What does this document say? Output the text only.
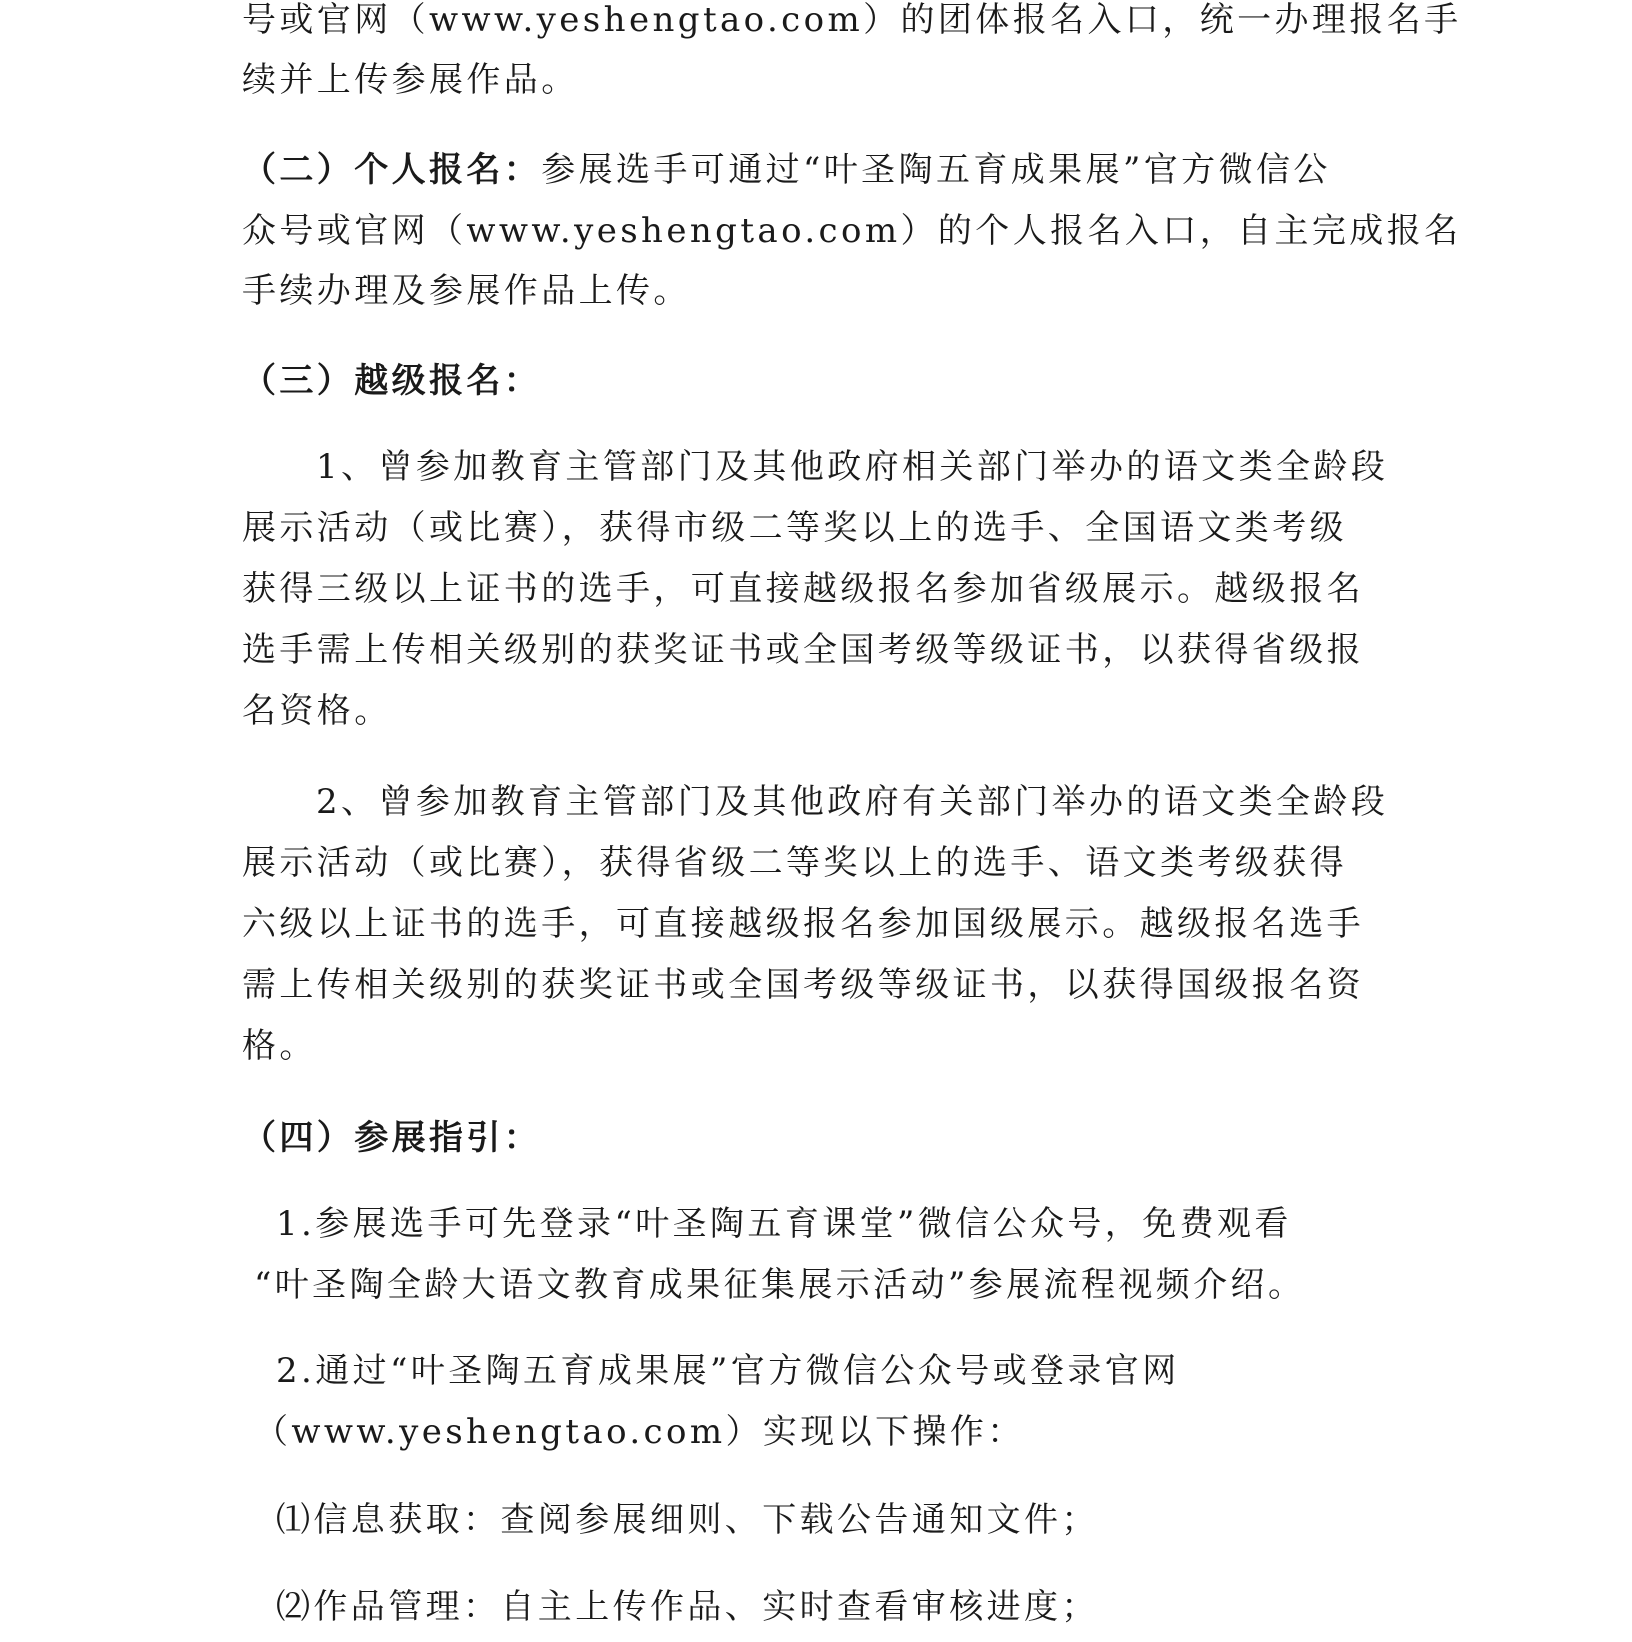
号或官网（www.yeshengtao.com）的团体报名入口，统一办理报名手
续并上传参展作品。
（二）个人报名：参展选手可通过“叶圣陶五育成果展”官方微信公
众号或官网（www.yeshengtao.com）的个人报名入口，自主完成报名
手续办理及参展作品上传。
（三）越级报名：
1、曾参加教育主管部门及其他政府相关部门举办的语文类全龄段
展示活动（或比赛），获得市级二等奖以上的选手、全国语文类考级
获得三级以上证书的选手，可直接越级报名参加省级展示。越级报名
选手需上传相关级别的获奖证书或全国考级等级证书，以获得省级报
名资格。
2、曾参加教育主管部门及其他政府有关部门举办的语文类全龄段
展示活动（或比赛），获得省级二等奖以上的选手、语文类考级获得
六级以上证书的选手，可直接越级报名参加国级展示。越级报名选手
需上传相关级别的获奖证书或全国考级等级证书，以获得国级报名资
格。
（四）参展指引：
1.参展选手可先登录“叶圣陶五育课堂”微信公众号，免费观看
“叶圣陶全龄大语文教育成果征集展示活动”参展流程视频介绍。
2.通过“叶圣陶五育成果展”官方微信公众号或登录官网
（www.yeshengtao.com）实现以下操作：
⑴信息获取：查阅参展细则、下载公告通知文件；
⑵作品管理：自主上传作品、实时查看审核进度；
